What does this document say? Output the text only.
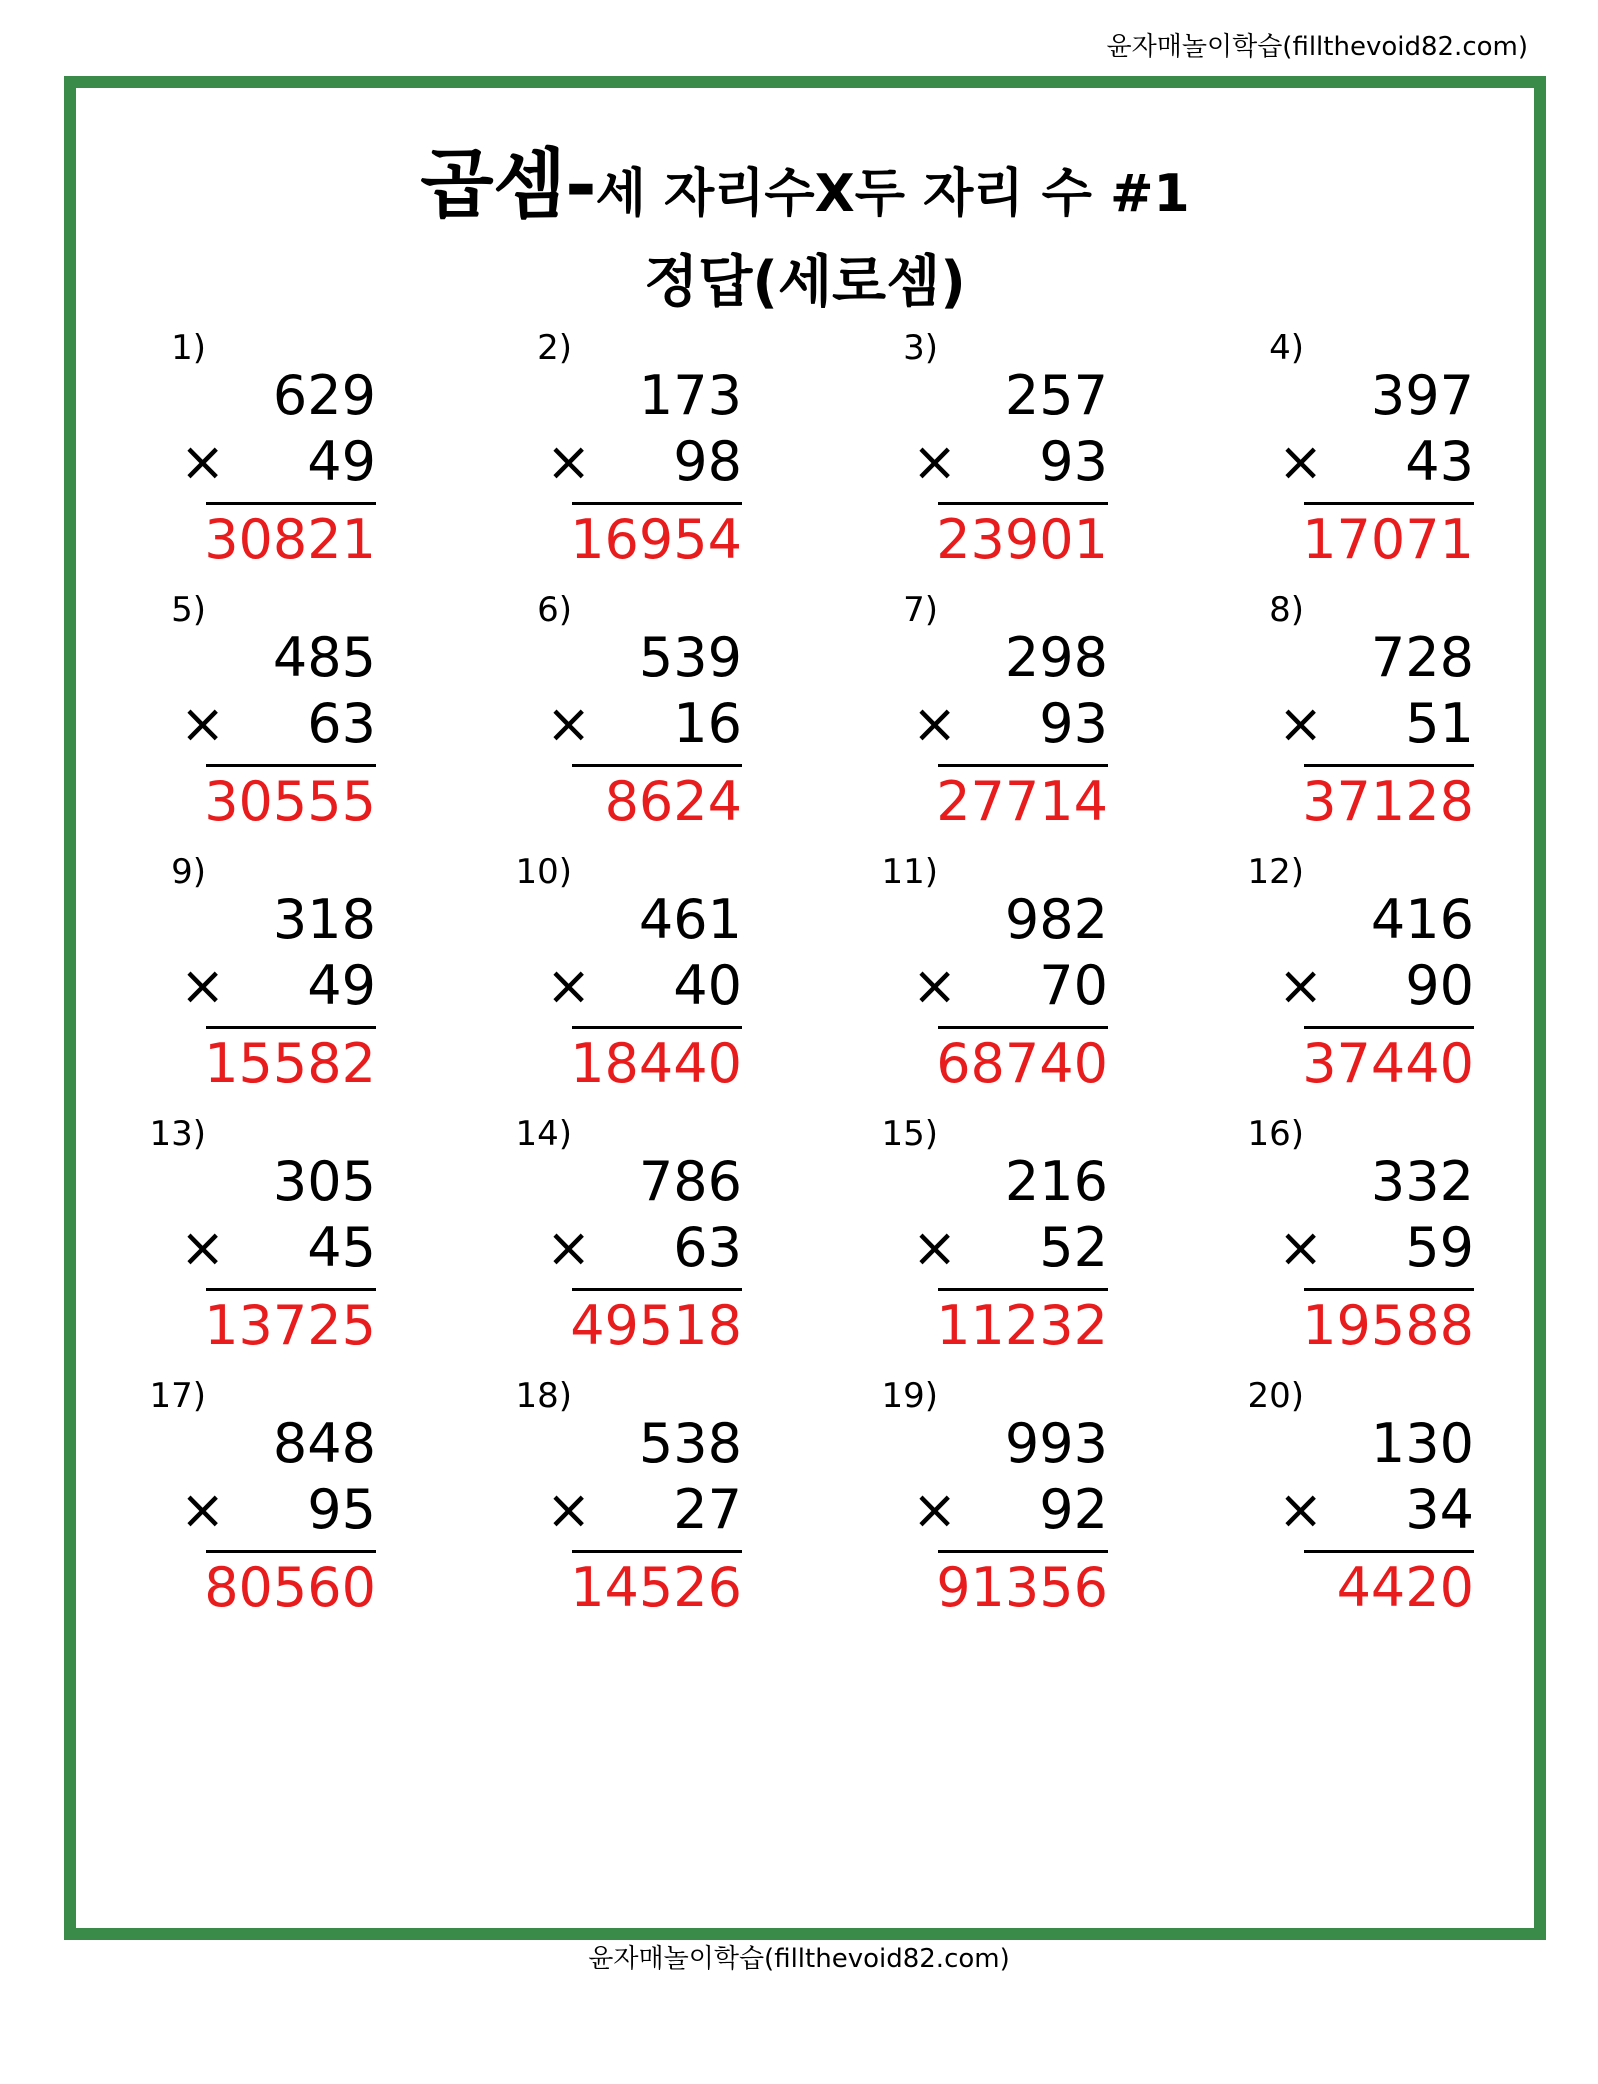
윤자매놀이학습(fillthevoid82.com)
곱셈-세 자리수X두 자리 수 #1
정답(세로셈)
1)
629
× 49
30821
2)
173
× 98
16954
3)
257
× 93
23901
4)
397
× 43
17071
5)
485
× 63
30555
6)
539
× 16
8624
7)
298
× 93
27714
8)
728
× 51
37128
9)
318
× 49
15582
10)
461
× 40
18440
11)
982
× 70
68740
12)
416
× 90
37440
13)
305
× 45
13725
14)
786
× 63
49518
15)
216
× 52
11232
16)
332
× 59
19588
17)
848
× 95
80560
18)
538
× 27
14526
19)
993
× 92
91356
20)
130
× 34
4420
윤자매놀이학습(fillthevoid82.com)
